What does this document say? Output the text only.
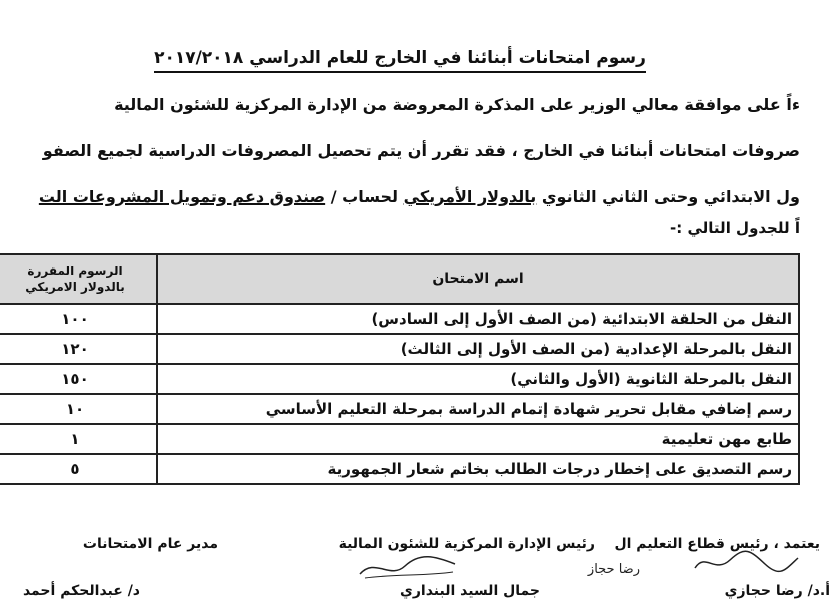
رسوم امتحانات أبنائنا في الخارج للعام الدراسي ٢٠١٧/٢٠١٨
ءاً على موافقة معالي الوزير على المذكرة المعروضة من الإدارة المركزية للشئون المالية
صروفات امتحانات أبنائنا في الخارج ، فقد تقرر أن يتم تحصيل المصروفات الدراسية لجميع الصفو
ول الابتدائي وحتى الثاني الثانوي بالدولار الأمريكي لحساب / صندوق دعم وتمويل المشروعات الت
اً للجدول التالي :-
اسم الامتحان	الرسوم المقررة
بالدولار الامريكي

النقل من الحلقة الابتدائية (من الصف الأول إلى السادس)	١٠٠
النقل بالمرحلة الإعدادية (من الصف الأول إلى الثالث)	١٢٠
النقل بالمرحلة الثانوية (الأول والثاني)	١٥٠
رسم إضافي مقابل تحرير شهادة إتمام الدراسة بمرحلة التعليم الأساسي	١٠
طابع مهن تعليمية	١
رسم التصديق على إخطار درجات الطالب بخاتم شعار الجمهورية	٥
مدير عام الامتحانات	رئيس الإدارة المركزية للشئون المالية يعتمد ، رئيس قطاع التعليم ال
رضا حجاز
أ.د/ رضا حجازي
جمال السيد البنداري
د/ عبدالحكم أحمد
